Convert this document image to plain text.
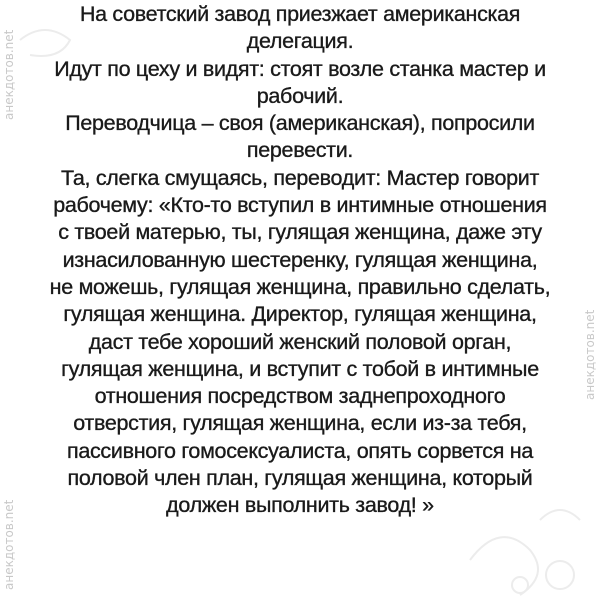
На советский завод приезжает американская
делегация.
Идут по цеху и видят: стоят возле станка мастер и
рабочий.
Переводчица – своя (американская), попросили
перевести.
Та, слегка смущаясь, переводит: Мастер говорит
рабочему: «Кто-то вступил в интимные отношения
с твоей матерью, ты, гулящая женщина, даже эту
изнасилованную шестеренку, гулящая женщина,
не можешь, гулящая женщина, правильно сделать,
гулящая женщина. Директор, гулящая женщина,
даст тебе хороший женский половой орган,
гулящая женщина, и вступит с тобой в интимные
отношения посредством заднепроходного
отверстия, гулящая женщина, если из-за тебя,
пассивного гомосексуалиста, опять сорвется на
половой член план, гулящая женщина, который
должен выполнить завод! »
анекдотов.net
анекдотов.net
анекдотов.net
